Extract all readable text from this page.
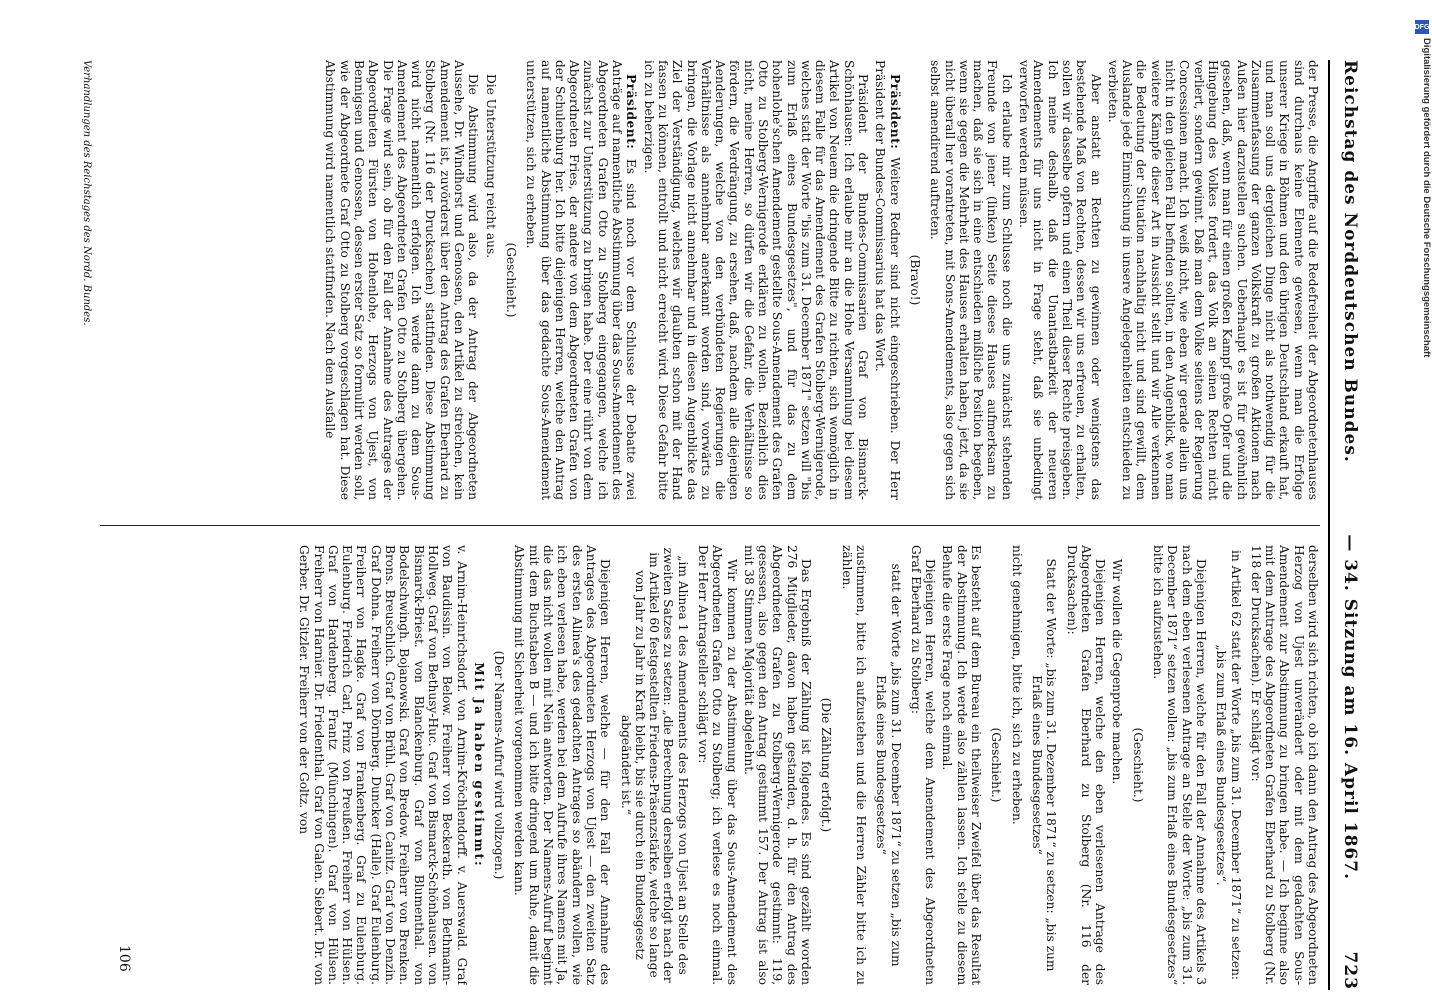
Reichstag des Norddeutschen Bundes.
— 34. Sitzung am 16. April 1867.
723

der Presse, die Angriffe auf die Redefreiheit der Abgeordnetenhauses sind durchaus keine Elemente gewesen, wenn man die Erfolge unserer Kriege in Böhmen und den übrigen Deutschland erkauft hat, und man soll uns dergleichen Dinge nicht als nothwendig für die Zusammenfassung der ganzen Volkskraft zu großen Aktionen nach Außen hier darzustellen suchen. Ueberhaupt es ist für gewöhnlich gesehen, daß, wenn man für einen großen Kampf große Opfer und die Hingebung des Volkes fordert, das Volk an seinen Rechten nicht verliert, sondern gewinnt. Daß man dem Volke seitens der Regierung Concessionen macht. Ich weiß nicht, wie eben wir gerade allein uns nicht in den gleichen Fall befinden sollten, in den Augenblick, wo man weitere Kämpfe dieser Art in Aussicht stellt und wir Alle verkennen die Bedeutung der Situation nachhaltig nicht und sind gewillt, dem Auslande jede Einmischung in unsere Angelegenheiten entschieden zu verbieten.

Aber anstatt an Rechten zu gewinnen oder wenigstens das bestehende Maß von Rechten, dessen wir uns erfreuen, zu erhalten, sollen wir dasselbe opfern und einen Theil dieser Rechte preisgeben. Ich meine deshalb, daß die Unantastbarkeit der neueren Amendements für uns nicht in Frage steht, daß sie unbedingt verworfen werden müssen.

Ich erlaube mir zum Schlusse noch die uns zunächst stehenden Freunde von jener (linken) Seite dieses Hauses aufmerksam zu machen, daß sie sich in eine entschieden mißliche Position begeben, wenn sie gegen die Mehrheit des Hauses erhalten haben, jetzt, da sie nicht überall her vorantreten, mit Sons-Amendements, also gegen sich selbst amendirend auftreten.

(Bravo!)

Präsident: Weitere Redner sind nicht eingeschrieben. Der Herr Präsident der Bundes-Commissarius hat das Wort.

Präsident der Bundes-Commissarien Graf von Bismarck-Schönhausen: Ich erlaube mir an die Hohe Versammlung bei diesem Artikel von Neuem die dringende Bitte zu richten, sich womöglich in diesem Falle für das Amendement des Grafen Stolberg-Wernigerode, welches statt der Worte "bis zum 31. December 1871" setzen will "bis zum Erlaß eines Bundesgesetzes", und für das zu dem hohenlohe'schen Amendement gestellte Sous-Amendement des Grafen Otto zu Stolberg-Wernigerode erklären zu wollen. Beziehlich dies nicht, meine Herren, so dürfen wir die Gefahr, die Verhältnisse so fördern, die Verdrängung, zu ersehen, daß, nachdem alle diejenigen Aenderungen, welche von den verbündeten Regierungen die Verhältnisse als annehmbar anerkannt worden sind, vorwärts zu bringen, die Vorlage nicht annehmbar und in diesen Augenblicke das Ziel der Verständigung, welches wir glaubten schon mit der Hand fassen zu können, entrollt und nicht erreicht wird. Diese Gefahr bitte ich zu beherzigen.

Präsident: Es sind noch vor dem Schlusse der Debatte zwei Anträge auf namentliche Abstimmung über das Sous-Amendement des Abgeordneten Grafen Otto zu Stolberg eingegangen, welche ich zunächst zur Unterstützung zu bringen habe. Der eine rührt von dem Abgeordneten Fries, der andere von dem Abgeordneten Grafen von der Schulenburg her. Ich bitte diejenigen Herren, welche den Antrag auf namentliche Abstimmung über das gedachte Sous-Amendement unterstützen, sich zu erheben.

(Geschieht.)

Die Unterstützung reicht aus.

Die Abstimmung wird also, da der Antrag der Abgeordneten Aussehe, Dr. Windhorst und Genossen, den Artikel zu streichen, kein Amendement ist, zuvörderst über den Antrag des Grafen Eberhard zu Stolberg (Nr. 116 der Drucksachen) stattfinden. Diese Abstimmung wird nicht namentlich erfolgen. Ich werde dann zu dem Sous-Amendement des Abgeordneten Grafen Otto zu Stolberg übergehen. Die Frage wird sein, ob für den Fall der Annahme des Antrages der Abgeordneten Fürsten von Hohenlohe, Herzogs von Ujest, von Bennigsen und Genossen, dessen erster Satz so formulirt werden soll, wie der Abgeordnete Graf Otto zu Stolberg vorgeschlagen hat. Diese Abstimmung wird namentlich stattfinden. Nach dem Ausfalle

derselben wird sich richten, ob ich dann den Antrag des Abgeordneten Herzog von Ujest unverändert oder mit dem gedachten Sous-Amendement zur Abstimmung zu bringen habe. — Ich beginne also mit dem Antrage des Abgeordneten Grafen Eberhard zu Stolberg (Nr. 118 der Drucksachen). Er schlägt vor:

in Artikel 62 statt der Worte „bis zum 31. December 1871“ zu setzen: „bis zum Erlaß eines Bundesgesetzes“.

Diejenigen Herren, welche für den Fall der Annahme des Artikels 3 nach dem eben verlesenen Antrage an Stelle der Worte: „bis zum 31. December 1871“ setzen wollen: „bis zum Erlaß eines Bundesgesetzes“ bitte ich aufzustehen.

(Geschieht.)

Wir wollen die Gegenprobe machen.

Diejenigen Herren, welche den eben verlesenen Antrage des Abgeordneten Grafen Eberhard zu Stolberg (Nr. 116 der Drucksachen):

Statt der Worte: „bis zum 31. Dezember 1871“ zu setzen: „bis zum Erlaß eines Bundesgesetzes“

nicht genehmigen, bitte ich, sich zu erheben.

(Geschieht.)

Es besteht auf dem Bureau ein theilweiser Zweifel über das Resultat der Abstimmung. Ich werde also zählen lassen. Ich stelle zu diesem Behufe die erste Frage noch einmal.

Diejenigen Herren, welche dem Amendement des Abgeordneten Graf Eberhard zu Stolberg:

statt der Worte „bis zum 31. December 1871“ zu setzen „bis zum Erlaß eines Bundesgesetzes“

zustimmen, bitte ich aufzustehen und die Herren Zähler bitte ich zu zählen.

(Die Zählung erfolgt.)

Das Ergebniß der Zählung ist folgendes. Es sind gezählt worden 276 Mitglieder, davon haben gestanden, d. h. für den Antrag des Abgeordneten Grafen zu Stolberg-Wernigerode gestimmt: 119, gesessen, also gegen den Antrag gestimmt 157. Der Antrag ist also mit 38 Stimmen Majorität abgelehnt.

Wir kommen zu der Abstimmung über das Sous-Amendement des Abgeordneten Grafen Otto zu Stolberg; ich verlese es noch einmal. Der Herr Antragsteller schlägt vor:

„im Alinea 1 des Amendements des Herzogs von Ujest an Stelle des zweiten Satzes zu setzen: „die Berechnung derselben erfolgt nach der im Artikel 60 festgestellten Friedens-Präsenzstärke, welche so lange von Jahr zu Jahr in Kraft bleibt, bis sie durch ein Bundesgesetz abgeändert ist.“

Diejenigen Herren, welche — für den Fall der Annahme des Antrages des Abgeordneten Herzogs von Ujest — den zweiten Satz des ersten Alinea's des gedachten Antrages so abändern wollen, wie ich eben verlesen habe, werden bei dem Aufrufe ihres Namens mit Ja, die das nicht wollen mit Nein antworten. Der Namens-Aufruf beginnt mit dem Buchstaben B — und ich bitte dringend um Ruhe, damit die Abstimmung mit Sicherheit vorgenommen werden kann.

(Der Namens-Aufruf wird vollzogen.)

Mit Ja haben gestimmt:

v. Arnim-Heinrichsdorf. von Arnim-Kröchlendorff. v. Auerswald. Graf von Baudissin. von Below. Freiherr von Beckerath. von Bethmann-Hollweg. Graf von Bethusy-Huc. Graf von Bismarck-Schönhausen. von Bismarck-Briest. von Blanckenburg. Graf von Blumenthal. von Bodelschwingh. Bojanowski. Graf von Bredow. Freiherr von Brenken. Brons. Breuschlich. Graf von Brühl. Graf von Canitz. Graf von Denzin. Graf Dohna. Freiherr von Dörnberg. Duncker (Halle). Graf Eulenburg. Freiherr von Hagke. Graf von Frankenberg. Graf zu Eulenburg. Eulenburg. Friedrich Carl, Prinz von Preußen. Freiherr von Hülsen. Graf von Hardenberg. Frantz (Münchingen). Graf von Hülsen. Freiherr von Harnier. Dr. Friedenthal. Graf von Galen. Siebert. Dr. von Gerber. Dr. Gitzler. Freiherr von der Goltz. von

Verhandlungen des Reichstages des Nordd. Bundes.
106
DFG
Digitalisierung gefördert durch die Deutsche Forschungsgemeinschaft
